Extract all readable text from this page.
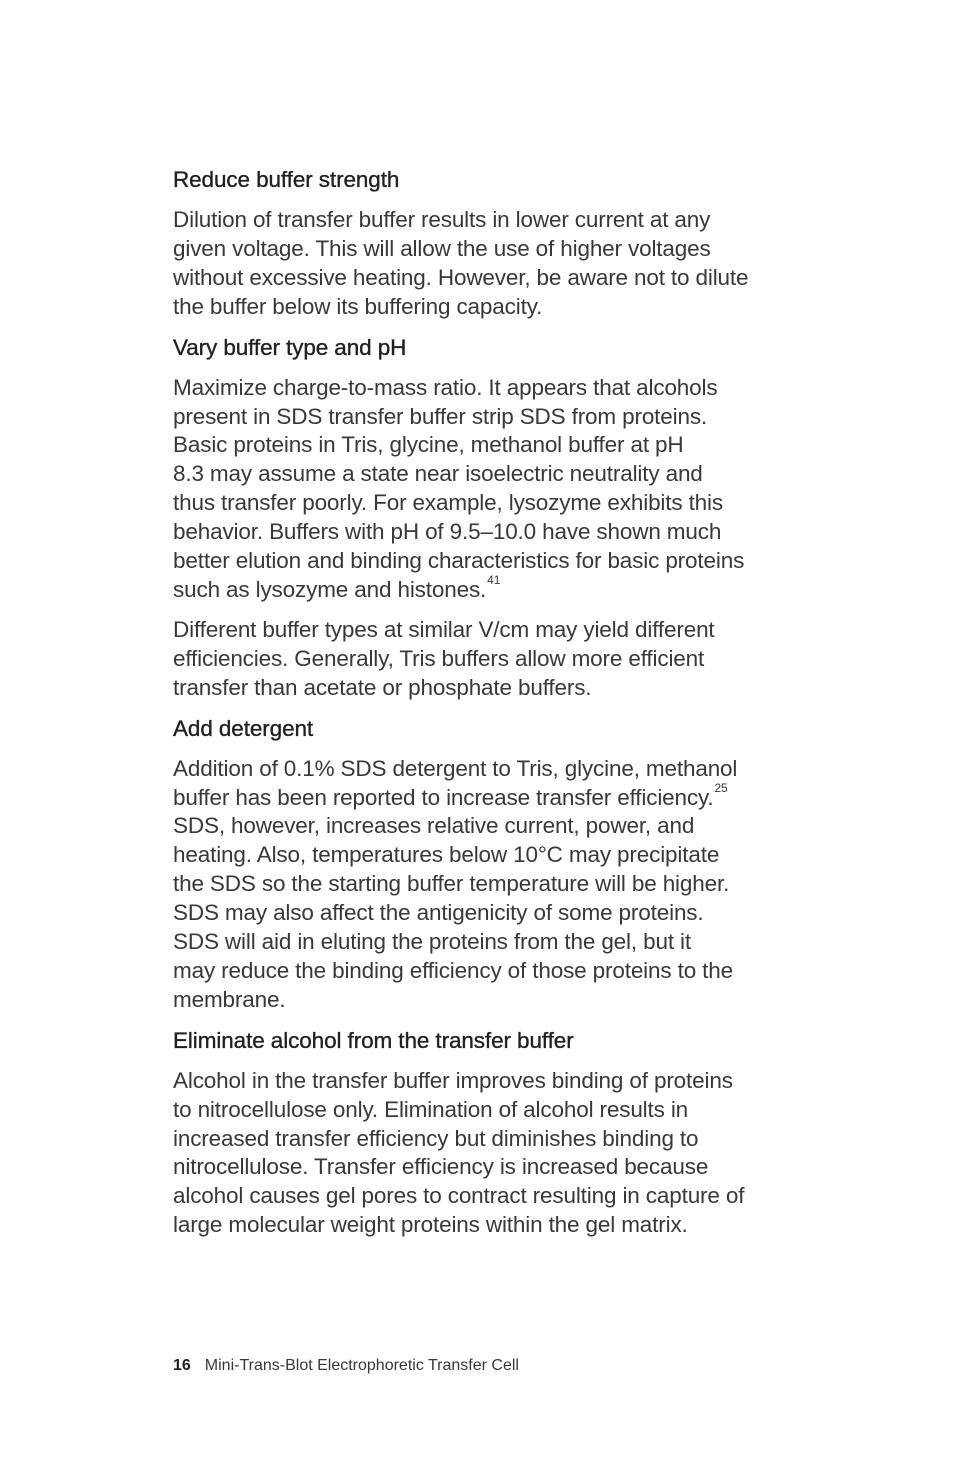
Reduce buffer strength
Dilution of transfer buffer results in lower current at any
given voltage. This will allow the use of higher voltages
without excessive heating. However, be aware not to dilute
the buffer below its buffering capacity.
Vary buffer type and pH
Maximize charge-to-mass ratio. It appears that alcohols
present in SDS transfer buffer strip SDS from proteins.
Basic proteins in Tris, glycine, methanol buffer at pH
8.3 may assume a state near isoelectric neutrality and
thus transfer poorly. For example, lysozyme exhibits this
behavior. Buffers with pH of 9.5–10.0 have shown much
better elution and binding characteristics for basic proteins
such as lysozyme and histones.$^{41}$
Different buffer types at similar V/cm may yield different
efficiencies. Generally, Tris buffers allow more efficient
transfer than acetate or phosphate buffers.
Add detergent
Addition of 0.1% SDS detergent to Tris, glycine, methanol
buffer has been reported to increase transfer efficiency.$^{25}$
SDS, however, increases relative current, power, and
heating. Also, temperatures below 10°C may precipitate
the SDS so the starting buffer temperature will be higher.
SDS may also affect the antigenicity of some proteins.
SDS will aid in eluting the proteins from the gel, but it
may reduce the binding efficiency of those proteins to the
membrane.
Eliminate alcohol from the transfer buffer
Alcohol in the transfer buffer improves binding of proteins
to nitrocellulose only. Elimination of alcohol results in
increased transfer efficiency but diminishes binding to
nitrocellulose. Transfer efficiency is increased because
alcohol causes gel pores to contract resulting in capture of
large molecular weight proteins within the gel matrix.
16 Mini-Trans-Blot Electrophoretic Transfer Cell
